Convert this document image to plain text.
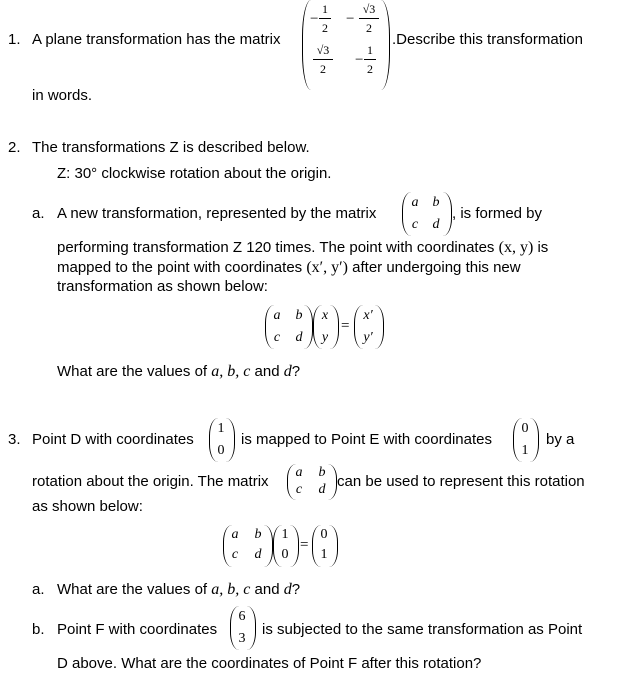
1. A plane transformation has the matrix
−
1
2
−
√3
2
√3
2
−
1
2
.Describe this transformation
in words.
2. The transformations Z is described below.
Z: 30° clockwise rotation about the origin.
a. A new transformation, represented by the matrix
a b
c d
, is formed by
performing transformation Z 120 times. The point with coordinates (x, y) is
mapped to the point with coordinates (x′, y′) after undergoing this new
transformation as shown below:
a b
c d
x
y
=
x′
y′
What are the values of a, b, c and d?
3. Point D with coordinates
1
0
is mapped to Point E with coordinates
0
1
by a
rotation about the origin. The matrix
a b
c d can be used to represent this rotation
as shown below:
a b
c d
1
0
=
0
1
a. What are the values of a, b, c and d?
b. Point F with coordinates
6
3
is subjected to the same transformation as Point
D above. What are the coordinates of Point F after this rotation?
